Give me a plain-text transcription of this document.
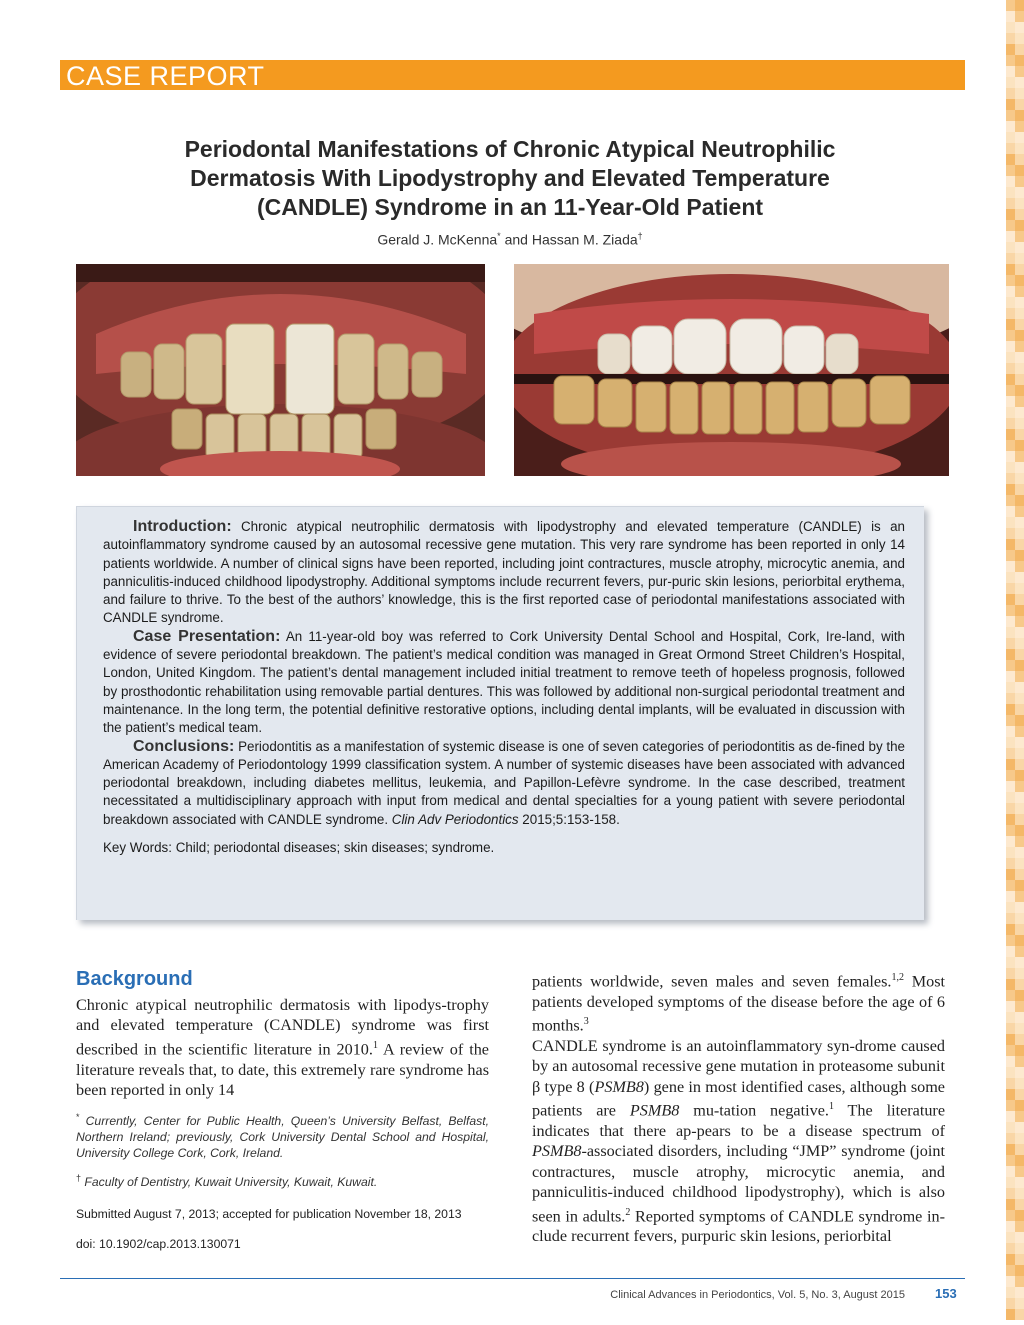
CASE REPORT
Periodontal Manifestations of Chronic Atypical Neutrophilic
Dermatosis With Lipodystrophy and Elevated Temperature
(CANDLE) Syndrome in an 11-Year-Old Patient
Gerald J. McKenna* and Hassan M. Ziada†

Introduction: Chronic atypical neutrophilic dermatosis with lipodystrophy and elevated temperature (CANDLE) is an autoinflammatory syndrome caused by an autosomal recessive gene mutation. This very rare syndrome has been reported in only 14 patients worldwide. A number of clinical signs have been reported, including joint contractures, muscle atrophy, microcytic anemia, and panniculitis-induced childhood lipodystrophy. Additional symptoms include recurrent fevers, pur-puric skin lesions, periorbital erythema, and failure to thrive. To the best of the authors’ knowledge, this is the first reported case of periodontal manifestations associated with CANDLE syndrome.

Case Presentation: An 11-year-old boy was referred to Cork University Dental School and Hospital, Cork, Ire-land, with evidence of severe periodontal breakdown. The patient’s medical condition was managed in Great Ormond Street Children’s Hospital, London, United Kingdom. The patient’s dental management included initial treatment to remove teeth of hopeless prognosis, followed by prosthodontic rehabilitation using removable partial dentures. This was followed by additional non-surgical periodontal treatment and maintenance. In the long term, the potential definitive restorative options, including dental implants, will be evaluated in discussion with the patient’s medical team.

Conclusions: Periodontitis as a manifestation of systemic disease is one of seven categories of periodontitis as de-fined by the American Academy of Periodontology 1999 classification system. A number of systemic diseases have been associated with advanced periodontal breakdown, including diabetes mellitus, leukemia, and Papillon-Lefèvre syndrome. In the case described, treatment necessitated a multidisciplinary approach with input from medical and dental specialties for a young patient with severe periodontal breakdown associated with CANDLE syndrome. Clin Adv Periodontics 2015;5:153-158.

Key Words: Child; periodontal diseases; skin diseases; syndrome.

Background

Chronic atypical neutrophilic dermatosis with lipodys-trophy and elevated temperature (CANDLE) syndrome was first described in the scientific literature in 2010.$^1$ A review of the literature reveals that, to date, this extremely rare syndrome has been reported in only 14

patients worldwide, seven males and seven females.$^{1,2}$ Most patients developed symptoms of the disease before the age of 6 months.$^3$

CANDLE syndrome is an autoinflammatory syn-drome caused by an autosomal recessive gene mutation in proteasome subunit β type 8 (PSMB8) gene in most identified cases, although some patients are PSMB8 mu-tation negative.$^1$ The literature indicates that there ap-pears to be a disease spectrum of PSMB8-associated disorders, including “JMP” syndrome (joint contractures, muscle atrophy, microcytic anemia, and panniculitis-induced childhood lipodystrophy), which is also seen in adults.$^2$ Reported symptoms of CANDLE syndrome in-clude recurrent fevers, purpuric skin lesions, periorbital

* Currently, Center for Public Health, Queen’s University Belfast, Belfast, Northern Ireland; previously, Cork University Dental School and Hospital, University College Cork, Cork, Ireland.
† Faculty of Dentistry, Kuwait University, Kuwait, Kuwait.
Submitted August 7, 2013; accepted for publication November 18, 2013
doi: 10.1902/cap.2013.130071
Clinical Advances in Periodontics, Vol. 5, No. 3, August 2015 153
